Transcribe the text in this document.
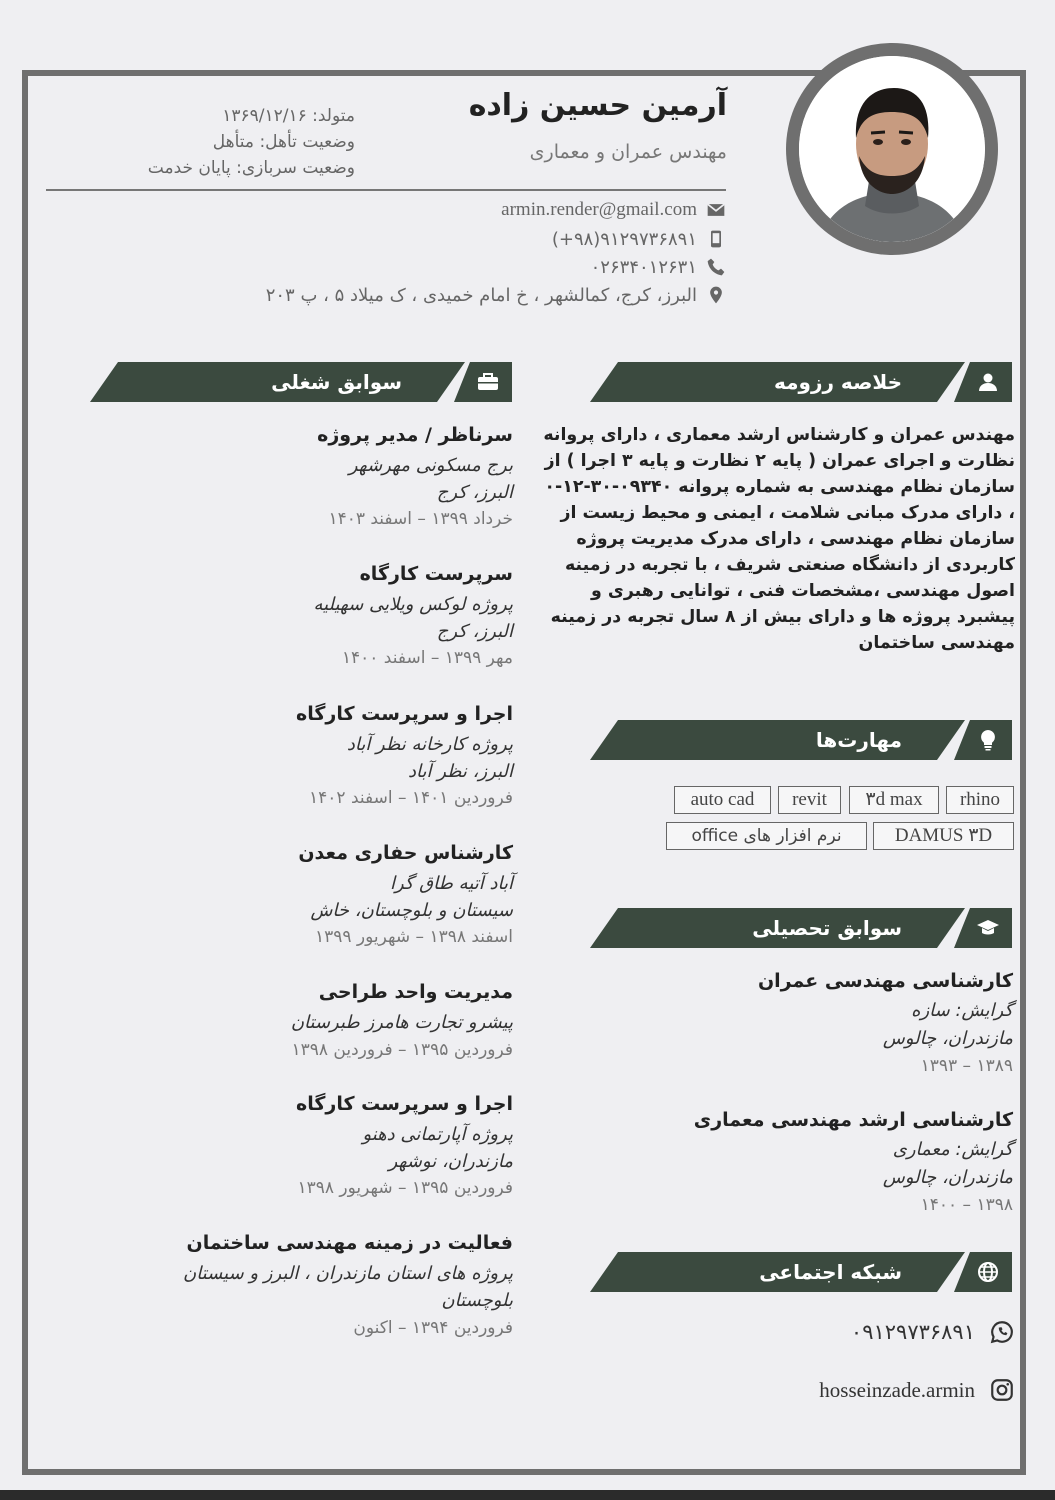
آرمین حسین زاده
مهندس عمران و معماری
متولد: ۱۳۶۹/۱۲/۱۶
وضعیت تأهل: متأهل
وضعیت سربازی: پایان خدمت
armin.render@gmail.com
(+۹۸)۹۱۲۹۷۳۶۸۹۱
۰۲۶۳۴۰۱۲۶۳۱
البرز، کرج، کمالشهر ، خ امام خمیدی ، ک میلاد ۵ ، پ ۲۰۳
خلاصه رزومه
مهندس عمران و کارشناس ارشد معماری ، دارای پروانه نظارت و اجرای عمران ( پایه ۲ نظارت و پایه ۳ اجرا ) از سازمان نظام مهندسی به شماره پروانه ۰۹۳۴۰-۳۰-۱۲-۰ ، دارای مدرک مبانی شلامت ، ایمنی و محیط زیست از سازمان نظام مهندسی ، دارای مدرک مدیریت پروژه کاربردی از دانشگاه صنعتی شریف ، با تجربه در زمینه اصول مهندسی ،مشخصات فنی ، توانایی رهبری و پیشبرد پروژه ها و دارای بیش از ۸ سال تجربه در زمینه مهندسی ساختمان
مهارت‌ها
rhino
۳d max
revit
auto cad
DAMUS ۳D
نرم افزار های office
سوابق تحصیلی
کارشناسی مهندسی عمران
گرایش: سازه
مازندران، چالوس
۱۳۸۹ – ۱۳۹۳
کارشناسی ارشد مهندسی معماری
گرایش: معماری
مازندران، چالوس
۱۳۹۸ – ۱۴۰۰
شبکه اجتماعی
۰۹۱۲۹۷۳۶۸۹۱
hosseinzade.armin
سوابق شغلی
سرناظر / مدیر پروژه
برج مسکونی مهرشهر
البرز، کرج
خرداد ۱۳۹۹ – اسفند ۱۴۰۳
سرپرست کارگاه
پروژه لوکس ویلایی سهیلیه
البرز، کرج
مهر ۱۳۹۹ – اسفند ۱۴۰۰
اجرا و سرپرست کارگاه
پروژه کارخانه نظر آباد
البرز، نظر آباد
فروردین ۱۴۰۱ – اسفند ۱۴۰۲
کارشناس حفاری معدن
آباد آتیه طاق گرا
سیستان و بلوچستان، خاش
اسفند ۱۳۹۸ – شهریور ۱۳۹۹
مدیریت واحد طراحی
پیشرو تجارت هامرز طبرستان
فروردین ۱۳۹۵ – فروردین ۱۳۹۸
اجرا و سرپرست کارگاه
پروژه آپارتمانی دهنو
مازندران، نوشهر
فروردین ۱۳۹۵ – شهریور ۱۳۹۸
فعالیت در زمینه مهندسی ساختمان
پروژه های استان مازندران ، البرز و سیستان
بلوچستان
فروردین ۱۳۹۴ – اکنون
